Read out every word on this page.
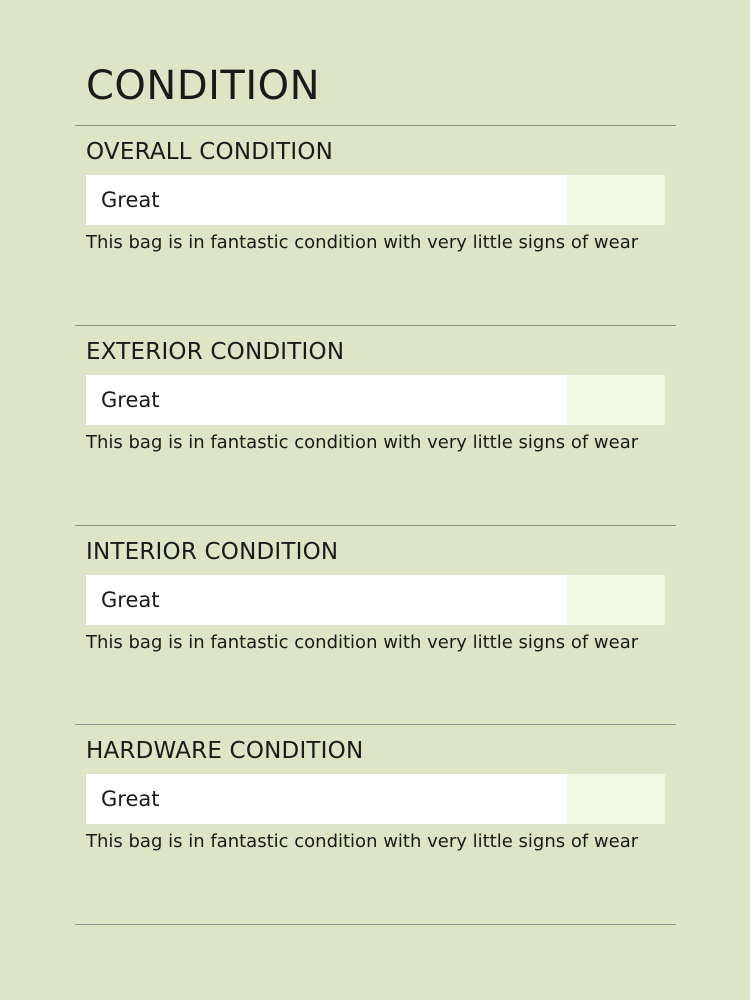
CONDITION
OVERALL CONDITION
Great

This bag is in fantastic condition with very little signs of wear

EXTERIOR CONDITION
Great

This bag is in fantastic condition with very little signs of wear

INTERIOR CONDITION
Great

This bag is in fantastic condition with very little signs of wear

HARDWARE CONDITION
Great

This bag is in fantastic condition with very little signs of wear
